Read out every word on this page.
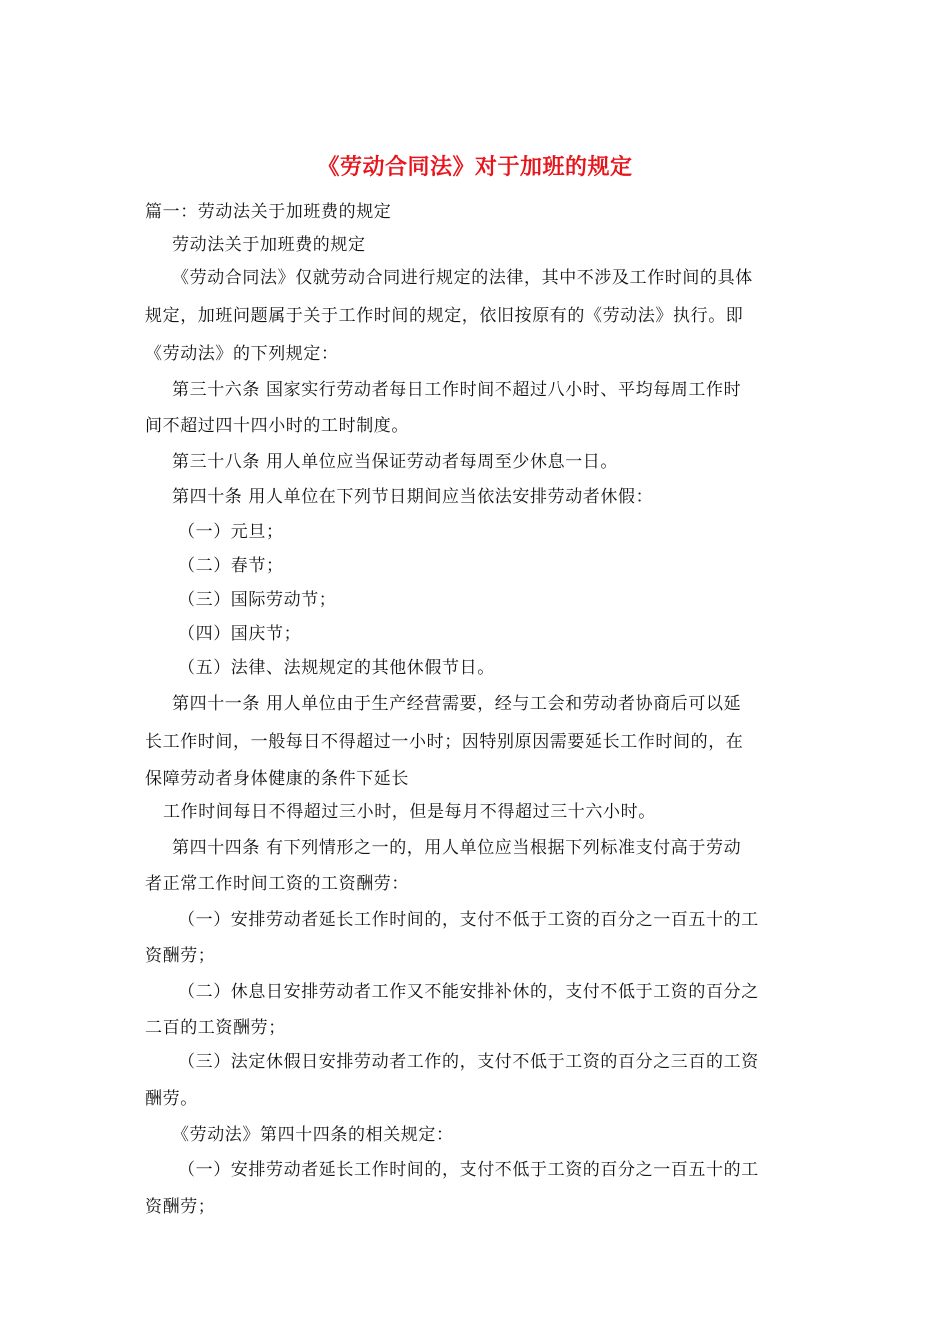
《劳动合同法》对于加班的规定
篇一：劳动法关于加班费的规定
劳动法关于加班费的规定
《劳动合同法》仅就劳动合同进行规定的法律，其中不涉及工作时间的具体
规定，加班问题属于关于工作时间的规定，依旧按原有的《劳动法》执行。即
《劳动法》的下列规定：
第三十六条 国家实行劳动者每日工作时间不超过八小时、平均每周工作时
间不超过四十四小时的工时制度。
第三十八条 用人单位应当保证劳动者每周至少休息一日。
第四十条 用人单位在下列节日期间应当依法安排劳动者休假：
（一）元旦；
（二）春节；
（三）国际劳动节；
（四）国庆节；
（五）法律、法规规定的其他休假节日。
第四十一条 用人单位由于生产经营需要，经与工会和劳动者协商后可以延
长工作时间，一般每日不得超过一小时；因特别原因需要延长工作时间的，在
保障劳动者身体健康的条件下延长
工作时间每日不得超过三小时，但是每月不得超过三十六小时。
第四十四条 有下列情形之一的，用人单位应当根据下列标准支付高于劳动
者正常工作时间工资的工资酬劳：
（一）安排劳动者延长工作时间的，支付不低于工资的百分之一百五十的工
资酬劳；
（二）休息日安排劳动者工作又不能安排补休的，支付不低于工资的百分之
二百的工资酬劳；
（三）法定休假日安排劳动者工作的，支付不低于工资的百分之三百的工资
酬劳。
《劳动法》第四十四条的相关规定：
（一）安排劳动者延长工作时间的，支付不低于工资的百分之一百五十的工
资酬劳；
